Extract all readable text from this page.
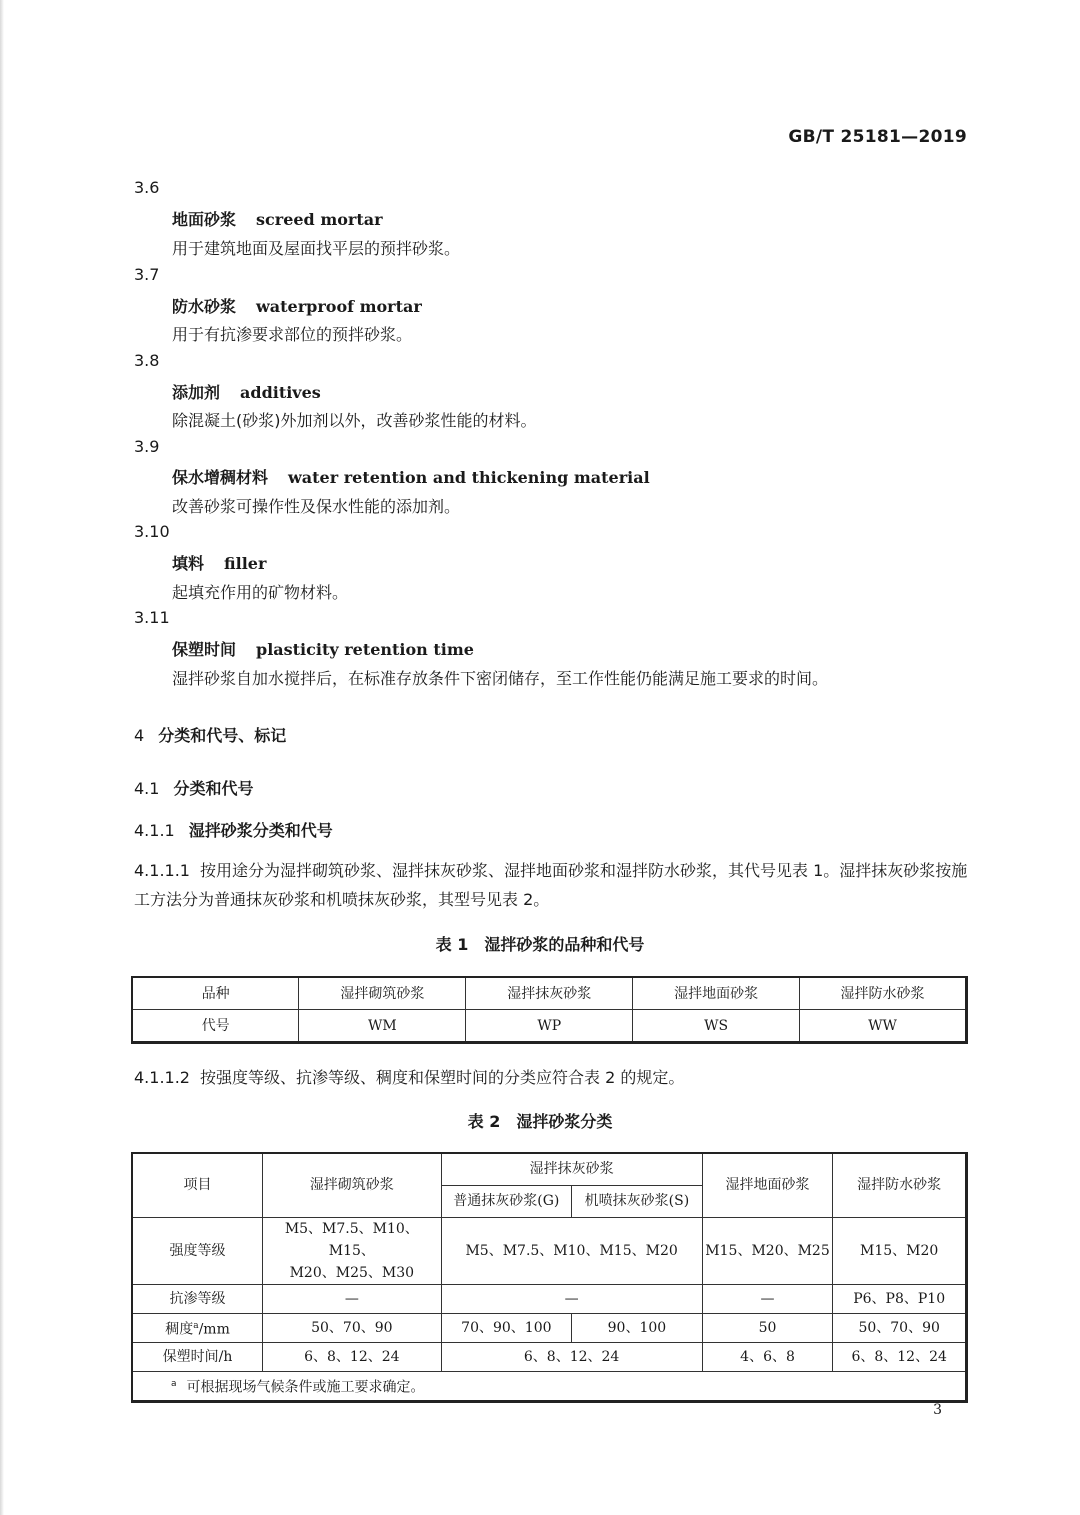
GB/T 25181—2019
3.6
地面砂浆 screed mortar
用于建筑地面及屋面找平层的预拌砂浆。
3.7
防水砂浆 waterproof mortar
用于有抗渗要求部位的预拌砂浆。
3.8
添加剂 additives
除混凝土(砂浆)外加剂以外，改善砂浆性能的材料。
3.9
保水增稠材料 water retention and thickening material
改善砂浆可操作性及保水性能的添加剂。
3.10
填料 filler
起填充作用的矿物材料。
3.11
保塑时间 plasticity retention time
湿拌砂浆自加水搅拌后，在标准存放条件下密闭储存，至工作性能仍能满足施工要求的时间。
4 分类和代号、标记
4.1 分类和代号
4.1.1 湿拌砂浆分类和代号
4.1.1.1 按用途分为湿拌砌筑砂浆、湿拌抹灰砂浆、湿拌地面砂浆和湿拌防水砂浆，其代号见表 1。湿拌抹灰砂浆按施工方法分为普通抹灰砂浆和机喷抹灰砂浆，其型号见表 2。
表 1 湿拌砂浆的品种和代号
品种	湿拌砌筑砂浆	湿拌抹灰砂浆	湿拌地面砂浆	湿拌防水砂浆
代号	WM	WP	WS	WW
4.1.1.2 按强度等级、抗渗等级、稠度和保塑时间的分类应符合表 2 的规定。
表 2 湿拌砂浆分类
项目	湿拌砌筑砂浆	湿拌抹灰砂浆		湿拌地面砂浆	湿拌防水砂浆
		普通抹灰砂浆(G)	机喷抹灰砂浆(S)		
强度等级	M5、M7.5、M10、M15、
M20、M25、M30	M5、M7.5、M10、M15、M20		M15、M20、M25	M15、M20
抗渗等级	—	—		—	P6、P8、P10
稠度$^a$/mm	50、70、90	70、90、100	90、100	50	50、70、90
保塑时间/h	6、8、12、24	6、8、12、24		4、6、8	6、8、12、24
$^a$ 可根据现场气候条件或施工要求确定。					
3
